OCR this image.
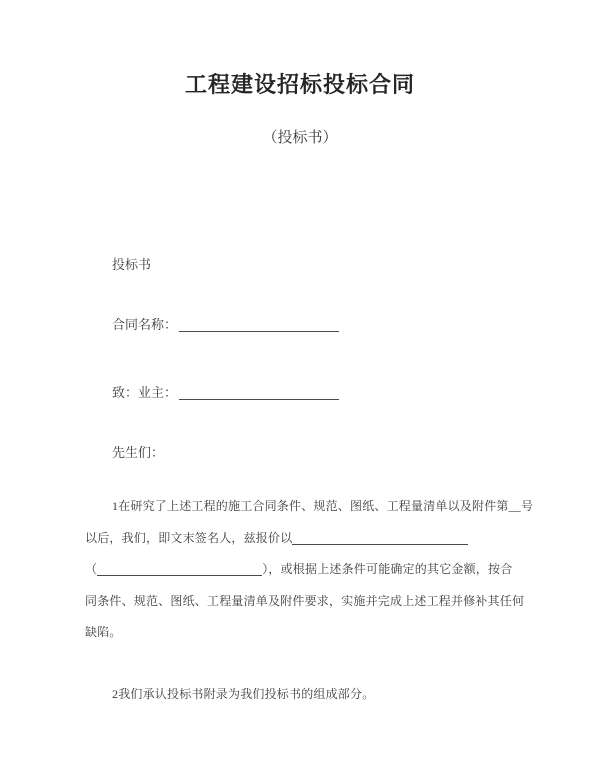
工程建设招标投标合同
（投标书）
投标书
合同名称：
致：业主：
先生们：
1在研究了上述工程的施工合同条件、规范、图纸、工程量清单以及附件第__号
以后，我们，即文末签名人，兹报价以
（	），或根据上述条件可能确定的其它金额，按合
同条件、规范、图纸、工程量清单及附件要求，实施并完成上述工程并修补其任何
缺陷。
2我们承认投标书附录为我们投标书的组成部分。
